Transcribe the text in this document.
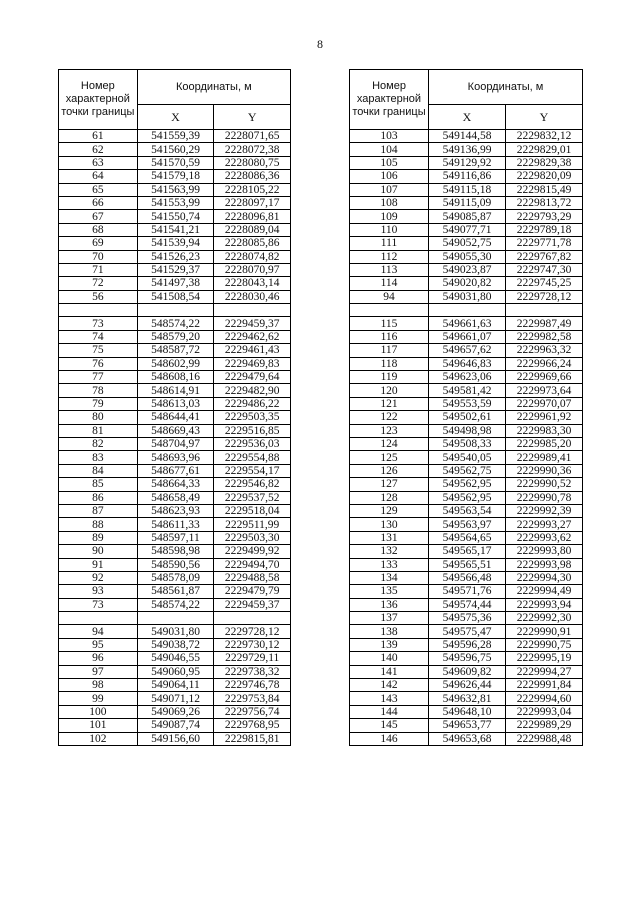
8
Номер характерной точки границы	Координаты, м	
	X	Y
61	541559,39	2228071,65
62	541560,29	2228072,38
63	541570,59	2228080,75
64	541579,18	2228086,36
65	541563,99	2228105,22
66	541553,99	2228097,17
67	541550,74	2228096,81
68	541541,21	2228089,04
69	541539,94	2228085,86
70	541526,23	2228074,82
71	541529,37	2228070,97
72	541497,38	2228043,14
56	541508,54	2228030,46

73	548574,22	2229459,37
74	548579,20	2229462,62
75	548587,72	2229461,43
76	548602,99	2229469,83
77	548608,16	2229479,64
78	548614,91	2229482,90
79	548613,03	2229486,22
80	548644,41	2229503,35
81	548669,43	2229516,85
82	548704,97	2229536,03
83	548693,96	2229554,88
84	548677,61	2229554,17
85	548664,33	2229546,82
86	548658,49	2229537,52
87	548623,93	2229518,04
88	548611,33	2229511,99
89	548597,11	2229503,30
90	548598,98	2229499,92
91	548590,56	2229494,70
92	548578,09	2229488,58
93	548561,87	2229479,79
73	548574,22	2229459,37

94	549031,80	2229728,12
95	549038,72	2229730,12
96	549046,55	2229729,11
97	549060,95	2229738,32
98	549064,11	2229746,78
99	549071,12	2229753,84
100	549069,26	2229756,74
101	549087,74	2229768,95
102	549156,60	2229815,81
Номер характерной точки границы	Координаты, м	
	X	Y
103	549144,58	2229832,12
104	549136,99	2229829,01
105	549129,92	2229829,38
106	549116,86	2229820,09
107	549115,18	2229815,49
108	549115,09	2229813,72
109	549085,87	2229793,29
110	549077,71	2229789,18
111	549052,75	2229771,78
112	549055,30	2229767,82
113	549023,87	2229747,30
114	549020,82	2229745,25
94	549031,80	2229728,12

115	549661,63	2229987,49
116	549661,07	2229982,58
117	549657,62	2229963,32
118	549646,83	2229966,24
119	549623,06	2229969,66
120	549581,42	2229973,64
121	549553,59	2229970,07
122	549502,61	2229961,92
123	549498,98	2229983,30
124	549508,33	2229985,20
125	549540,05	2229989,41
126	549562,75	2229990,36
127	549562,95	2229990,52
128	549562,95	2229990,78
129	549563,54	2229992,39
130	549563,97	2229993,27
131	549564,65	2229993,62
132	549565,17	2229993,80
133	549565,51	2229993,98
134	549566,48	2229994,30
135	549571,76	2229994,49
136	549574,44	2229993,94
137	549575,36	2229992,30
138	549575,47	2229990,91
139	549596,28	2229990,75
140	549596,75	2229995,19
141	549609,82	2229994,27
142	549626,44	2229991,84
143	549632,81	2229994,60
144	549648,10	2229993,04
145	549653,77	2229989,29
146	549653,68	2229988,48
